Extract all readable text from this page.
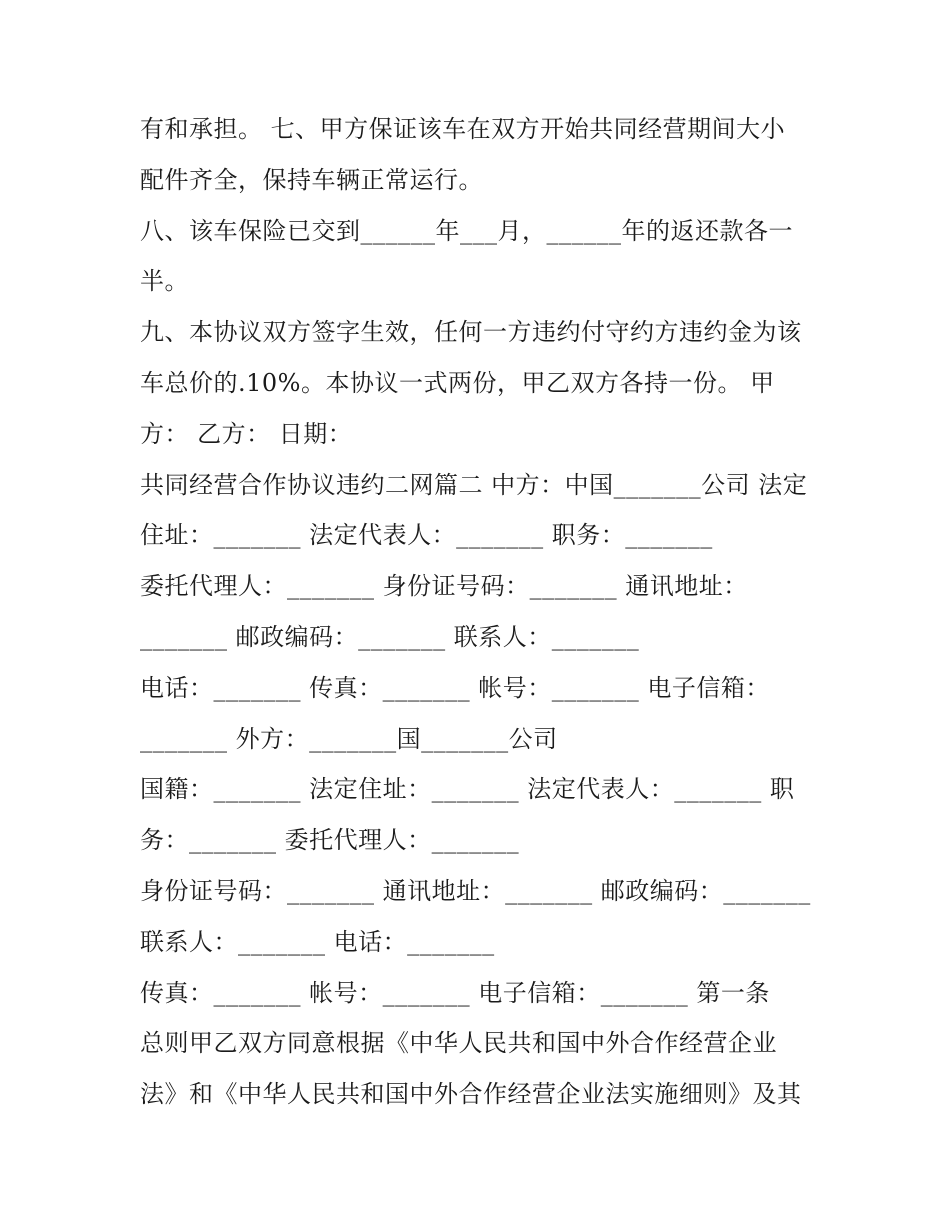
有和承担。 七、甲方保证该车在双方开始共同经营期间大小
配件齐全，保持车辆正常运行。
八、该车保险已交到______年___月，______年的返还款各一
半。
九、本协议双方签字生效，任何一方违约付守约方违约金为该
车总价的.10%。本协议一式两份，甲乙双方各持一份。 甲
方： 乙方： 日期：
共同经营合作协议违约二网篇二 中方：中国_______公司 法定
住址：_______ 法定代表人：_______ 职务：_______
委托代理人：_______ 身份证号码：_______ 通讯地址：
_______ 邮政编码：_______ 联系人：_______
电话：_______ 传真：_______ 帐号：_______ 电子信箱：
_______ 外方：_______国_______公司
国籍：_______ 法定住址：_______ 法定代表人：_______ 职
务：_______ 委托代理人：_______
身份证号码：_______ 通讯地址：_______ 邮政编码：_______
联系人：_______ 电话：_______
传真：_______ 帐号：_______ 电子信箱：_______ 第一条
总则甲乙双方同意根据《中华人民共和国中外合作经营企业
法》和《中华人民共和国中外合作经营企业法实施细则》及其
